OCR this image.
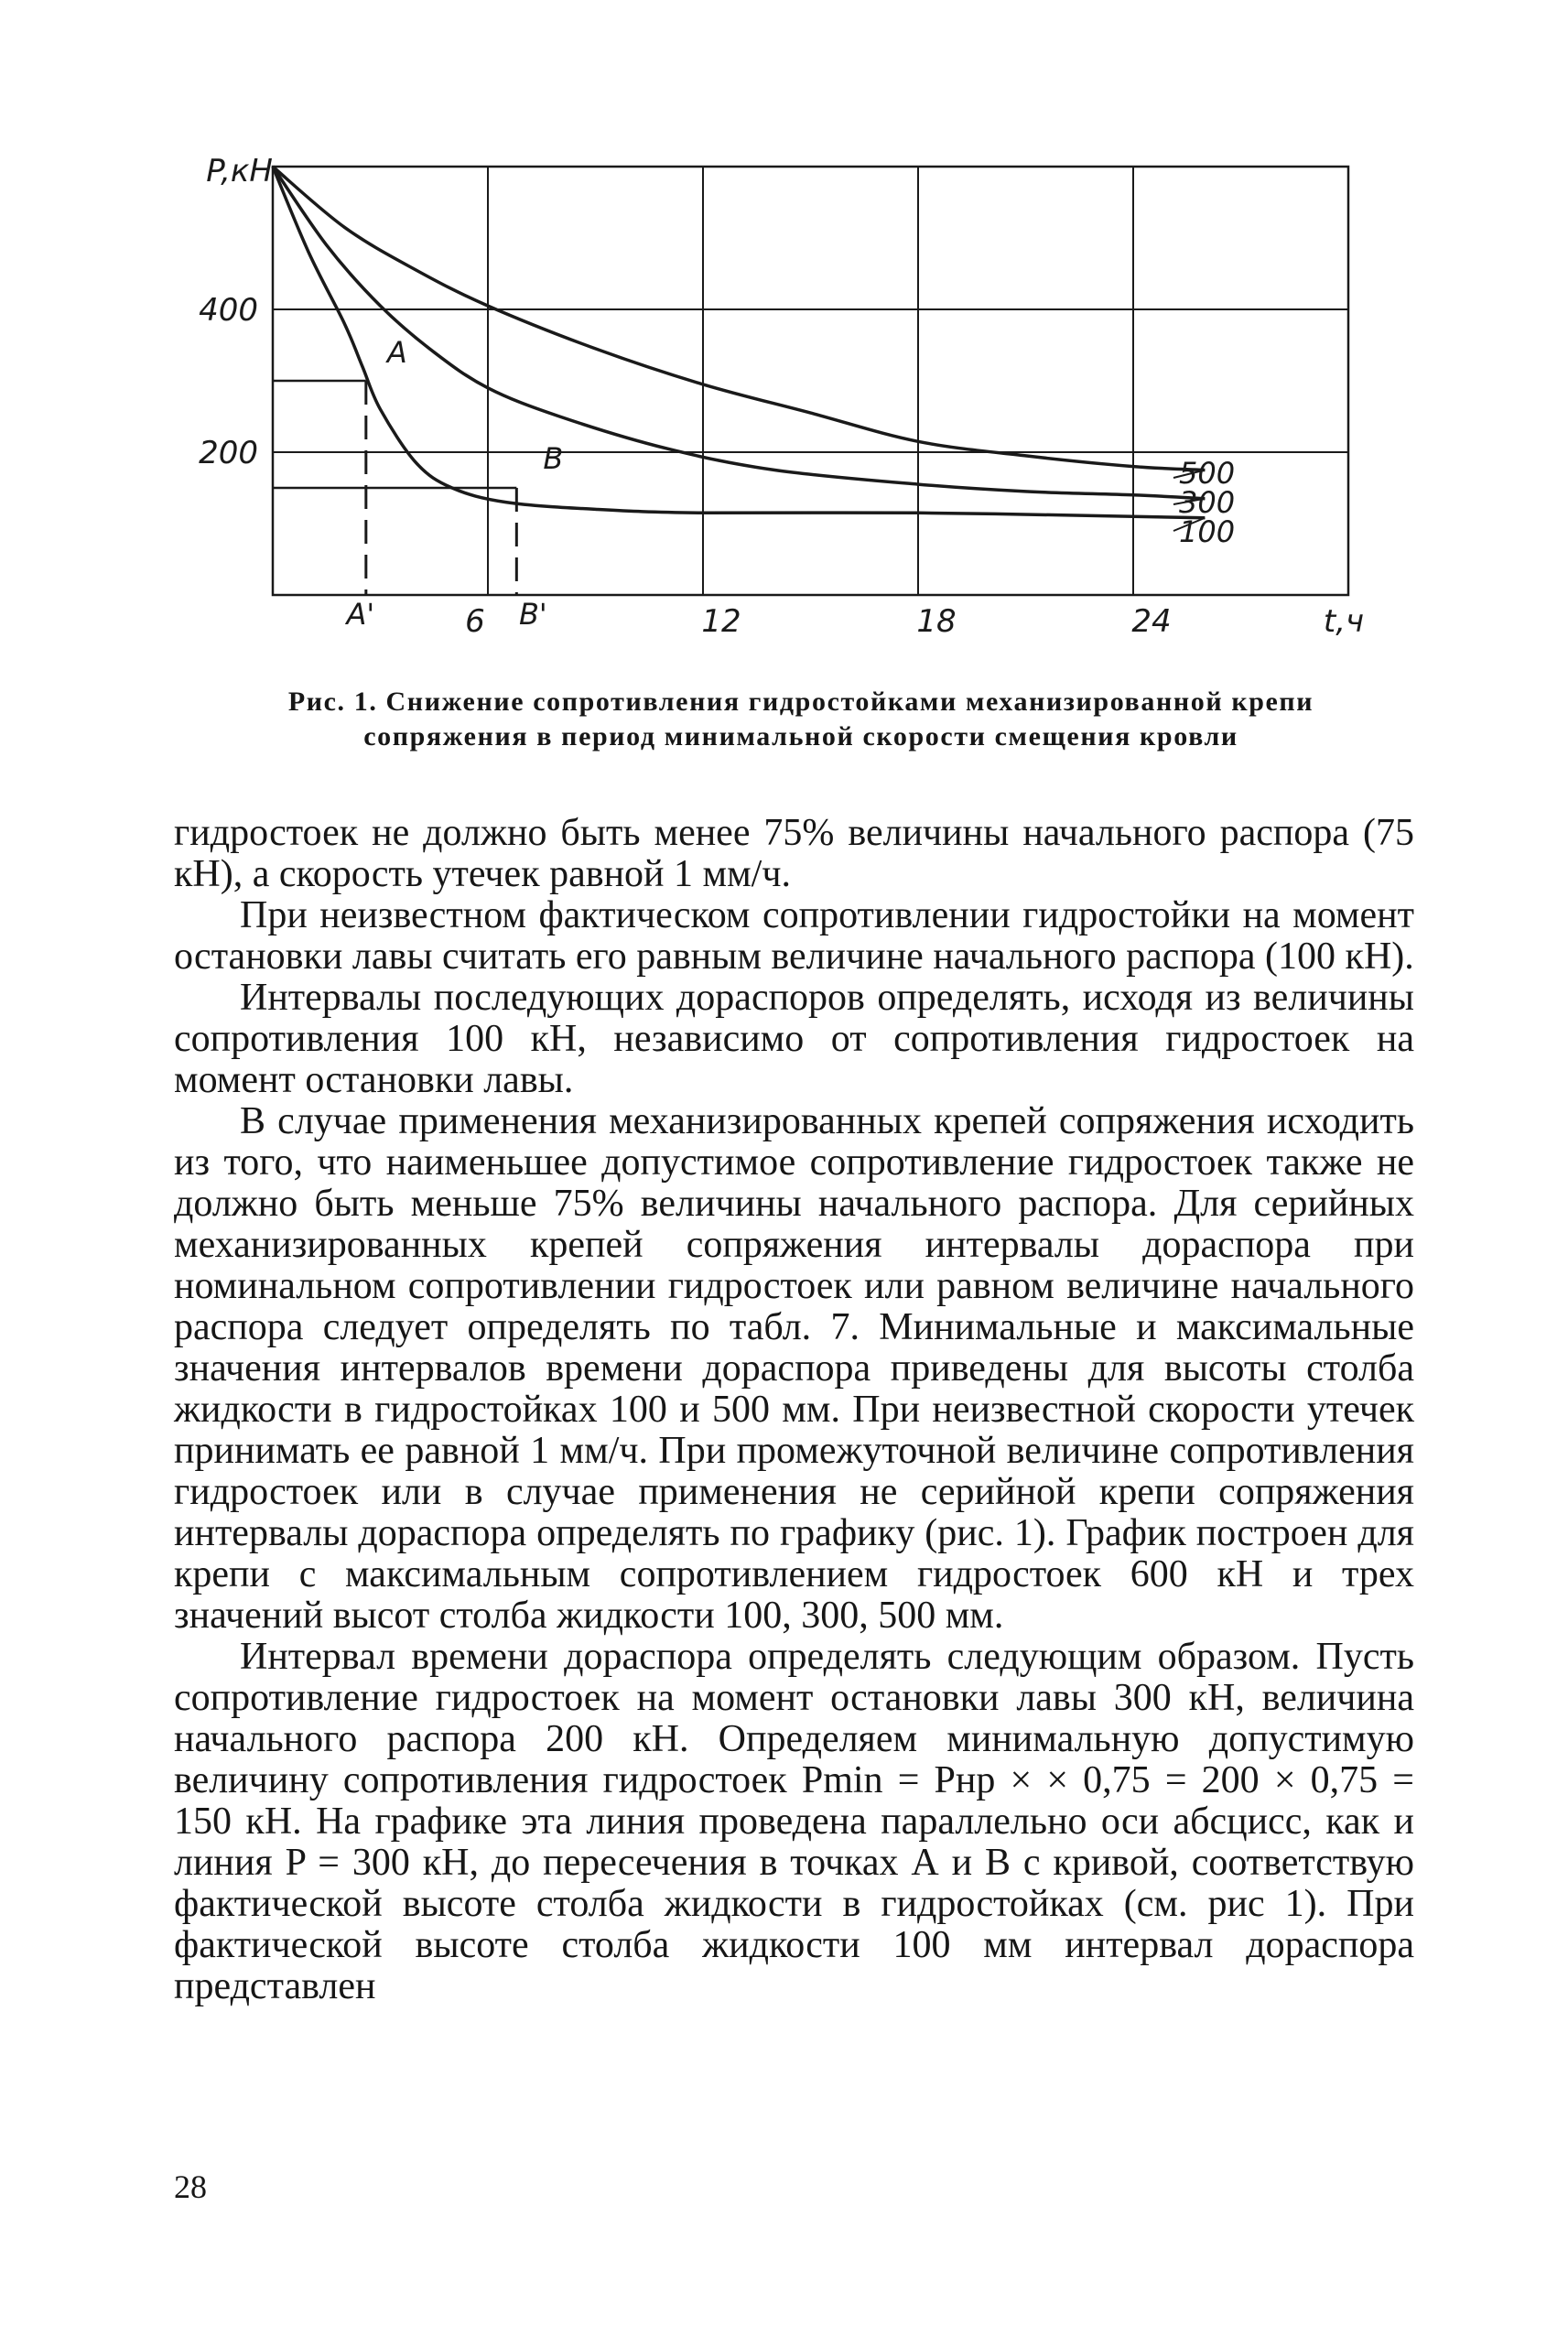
P,кН
400
200
6	12	18	24	t,ч
A
B
A'	B'
500
300
100
Рис. 1. Снижение сопротивления гидростойками механизированной крепи
сопряжения в период минимальной скорости смещения кровли

гидростоек не должно быть менее 75% величины начального распора (75 кН), а скорость утечек равной 1 мм/ч.

При неизвестном фактическом сопротивлении гидростойки на момент остановки лавы считать его равным величине начального распора (100 кН).

Интервалы последующих дораспоров определять, исходя из величины сопротивления 100 кН, независимо от сопротивления гидростоек на момент остановки лавы.

В случае применения механизированных крепей сопряжения исходить из того, что наименьшее допустимое сопротивление гидростоек также не должно быть меньше 75% величины начального распора. Для серийных механизированных крепей сопряжения интервалы дораспора при номинальном сопротивлении гидростоек или равном величине начального распора следует определять по табл. 7. Минимальные и максимальные значения интервалов времени дораспора приведены для высоты столба жидкости в гидростойках 100 и 500 мм. При неизвестной скорости утечек принимать ее равной 1 мм/ч. При промежуточной величине сопротивления гидростоек или в случае применения не серийной крепи сопряжения интервалы дораспора определять по графику (рис. 1). График построен для крепи с максимальным сопротивлением гидростоек 600 кН и трех значений высот столба жидкости 100, 300, 500 мм.

Интервал времени дораспора определять следующим образом. Пусть сопротивление гидростоек на момент остановки лавы 300 кН, величина начального распора 200 кН. Определяем минимальную допустимую величину сопротивления гидростоек Pmin = Pнр × × 0,75 = 200 × 0,75 = 150 кН. На графике эта линия проведена параллельно оси абсцисс, как и линия P = 300 кН, до пересечения в точках А и В с кривой, соответствую фактической высоте столба жидкости в гидростойках (см. рис 1). При фактической высоте столба жидкости 100 мм интервал дораспора представлен

28
